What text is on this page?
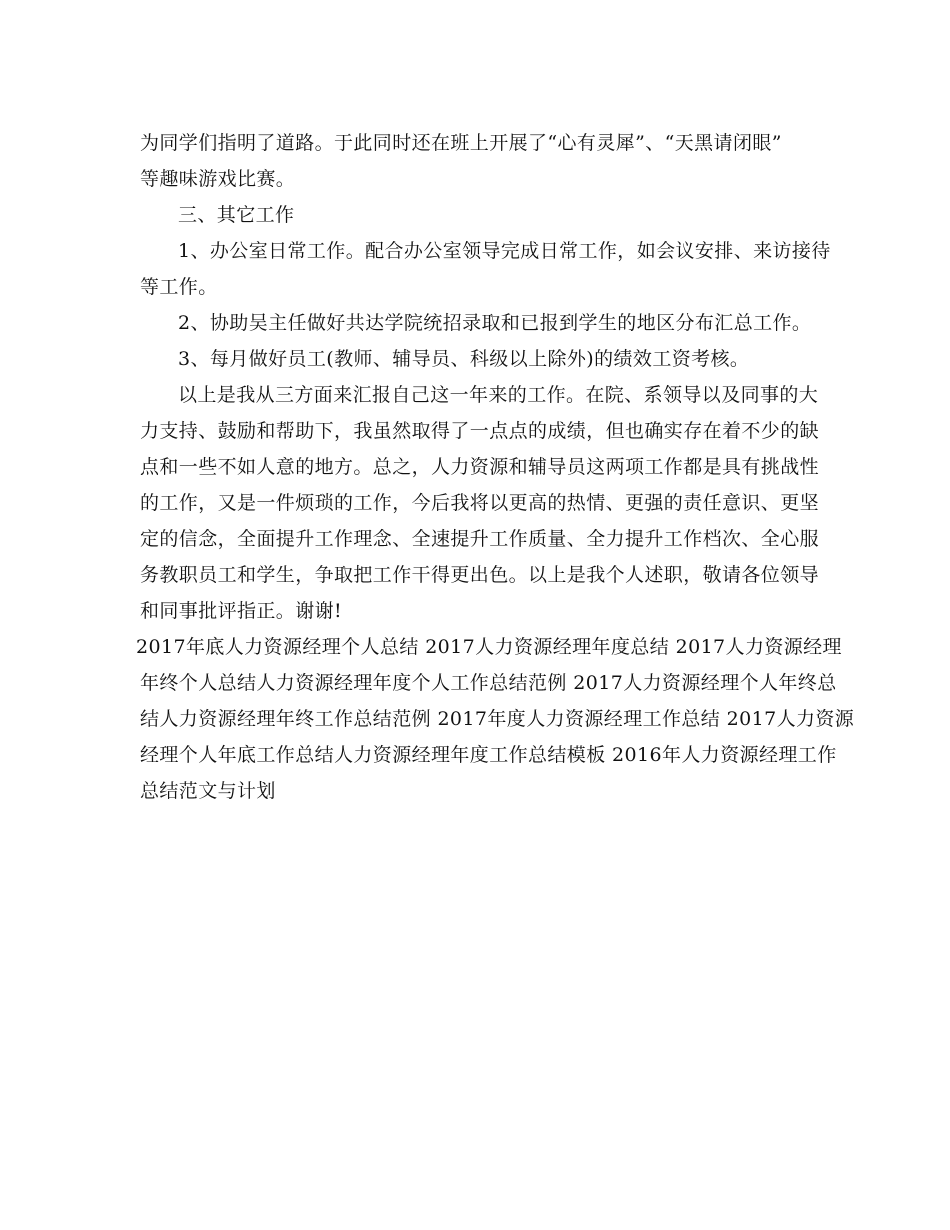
为同学们指明了道路。于此同时还在班上开展了“心有灵犀”、“天黑请闭眼”
等趣味游戏比赛。
三、其它工作
1、办公室日常工作。配合办公室领导完成日常工作，如会议安排、来访接待
等工作。
2、协助吴主任做好共达学院统招录取和已报到学生的地区分布汇总工作。
3、每月做好员工(教师、辅导员、科级以上除外)的绩效工资考核。
以上是我从三方面来汇报自己这一年来的工作。在院、系领导以及同事的大
力支持、鼓励和帮助下，我虽然取得了一点点的成绩，但也确实存在着不少的缺
点和一些不如人意的地方。总之，人力资源和辅导员这两项工作都是具有挑战性
的工作，又是一件烦琐的工作，今后我将以更高的热情、更强的责任意识、更坚
定的信念，全面提升工作理念、全速提升工作质量、全力提升工作档次、全心服
务教职员工和学生，争取把工作干得更出色。以上是我个人述职，敬请各位领导
和同事批评指正。谢谢!
2017年底人力资源经理个人总结 2017人力资源经理年度总结 2017人力资源经理
年终个人总结人力资源经理年度个人工作总结范例 2017人力资源经理个人年终总
结人力资源经理年终工作总结范例 2017年度人力资源经理工作总结 2017人力资源
经理个人年底工作总结人力资源经理年度工作总结模板 2016年人力资源经理工作
总结范文与计划
